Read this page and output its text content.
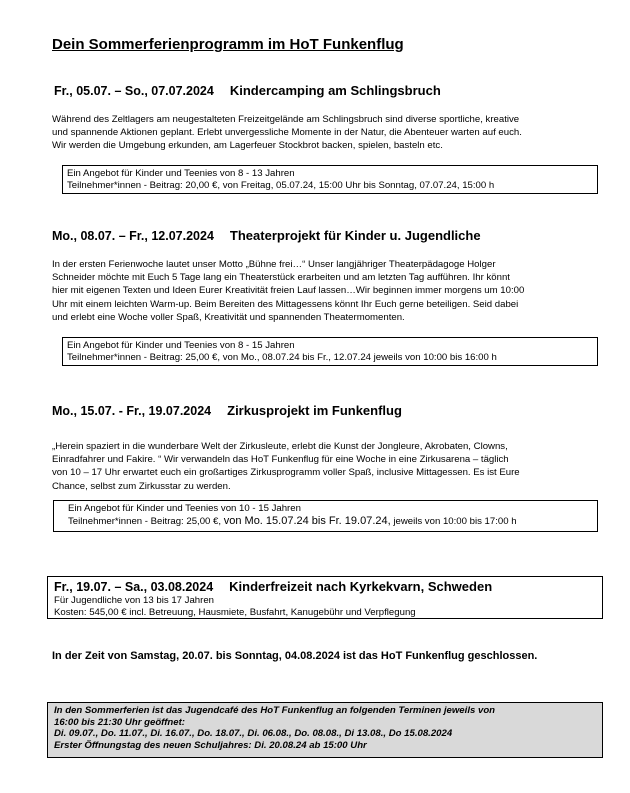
Dein Sommerferienprogramm im HoT Funkenflug
Fr., 05.07. – So., 07.07.2024 Kindercamping am Schlingsbruch
Während des Zeltlagers am neugestalteten Freizeitgelände am Schlingsbruch sind diverse sportliche, kreative
und spannende Aktionen geplant. Erlebt unvergessliche Momente in der Natur, die Abenteuer warten auf euch.
Wir werden die Umgebung erkunden, am Lagerfeuer Stockbrot backen, spielen, basteln etc.
Ein Angebot für Kinder und Teenies von 8 - 13 Jahren
Teilnehmer*innen - Beitrag: 20,00 €, von Freitag, 05.07.24, 15:00 Uhr bis Sonntag, 07.07.24, 15:00 h
Mo., 08.07. – Fr., 12.07.2024 Theaterprojekt für Kinder u. Jugendliche
In der ersten Ferienwoche lautet unser Motto „Bühne frei…“ Unser langjähriger Theaterpädagoge Holger
Schneider möchte mit Euch 5 Tage lang ein Theaterstück erarbeiten und am letzten Tag aufführen. Ihr könnt
hier mit eigenen Texten und Ideen Eurer Kreativität freien Lauf lassen…Wir beginnen immer morgens um 10:00
Uhr mit einem leichten Warm-up. Beim Bereiten des Mittagessens könnt Ihr Euch gerne beteiligen. Seid dabei
und erlebt eine Woche voller Spaß, Kreativität und spannenden Theatermomenten.
Ein Angebot für Kinder und Teenies von 8 - 15 Jahren
Teilnehmer*innen - Beitrag: 25,00 €, von Mo., 08.07.24 bis Fr., 12.07.24 jeweils von 10:00 bis 16:00 h
Mo., 15.07. - Fr., 19.07.2024 Zirkusprojekt im Funkenflug
„Herein spaziert in die wunderbare Welt der Zirkusleute, erlebt die Kunst der Jongleure, Akrobaten, Clowns,
Einradfahrer und Fakire. “ Wir verwandeln das HoT Funkenflug für eine Woche in eine Zirkusarena – täglich
von 10 – 17 Uhr erwartet euch ein großartiges Zirkusprogramm voller Spaß, inclusive Mittagessen. Es ist Eure
Chance, selbst zum Zirkusstar zu werden.
Ein Angebot für Kinder und Teenies von 10 - 15 Jahren
Teilnehmer*innen - Beitrag: 25,00 €, von Mo. 15.07.24 bis Fr. 19.07.24, jeweils von 10:00 bis 17:00 h
Fr., 19.07. – Sa., 03.08.2024 Kinderfreizeit nach Kyrkekvarn, Schweden
Für Jugendliche von 13 bis 17 Jahren
Kosten: 545,00 € incl. Betreuung, Hausmiete, Busfahrt, Kanugebühr und Verpflegung
In der Zeit von Samstag, 20.07. bis Sonntag, 04.08.2024 ist das HoT Funkenflug geschlossen.
In den Sommerferien ist das Jugendcafé des HoT Funkenflug an folgenden Terminen jeweils von
16:00 bis 21:30 Uhr geöffnet:
Di. 09.07., Do. 11.07., Di. 16.07., Do. 18.07., Di. 06.08., Do. 08.08., Di 13.08., Do 15.08.2024
Erster Öffnungstag des neuen Schuljahres: Di. 20.08.24 ab 15:00 Uhr
